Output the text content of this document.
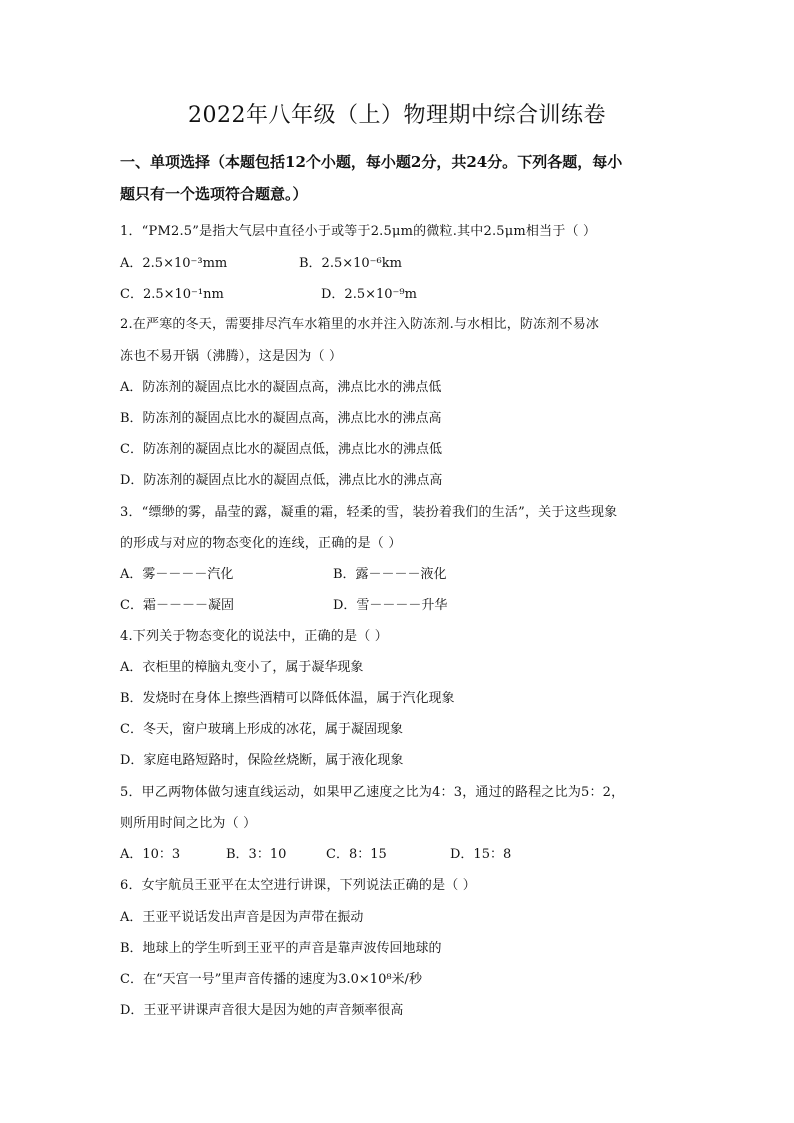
2022年八年级（上）物理期中综合训练卷
一、单项选择（本题包括12个小题，每小题2分，共24分。下列各题，每小
题只有一个选项符合题意。）
1．“PM2.5”是指大气层中直径小于或等于2.5μm的微粒.其中2.5μm相当于（ ）
A．2.5×10⁻³mm	B．2.5×10⁻⁶km
C．2.5×10⁻¹nm	D．2.5×10⁻⁹m
2.在严寒的冬天，需要排尽汽车水箱里的水并注入防冻剂.与水相比，防冻剂不易冰
冻也不易开锅（沸腾），这是因为（ ）
A．防冻剂的凝固点比水的凝固点高，沸点比水的沸点低
B．防冻剂的凝固点比水的凝固点高，沸点比水的沸点高
C．防冻剂的凝固点比水的凝固点低，沸点比水的沸点低
D．防冻剂的凝固点比水的凝固点低，沸点比水的沸点高
3．“缥缈的雾，晶莹的露，凝重的霜，轻柔的雪，装扮着我们的生活”，关于这些现象
的形成与对应的物态变化的连线，正确的是（ ）
A．雾－－－－汽化	B．露－－－－液化
C．霜－－－－凝固	D．雪－－－－升华
4.下列关于物态变化的说法中，正确的是（ ）
A．衣柜里的樟脑丸变小了，属于凝华现象
B．发烧时在身体上擦些酒精可以降低体温，属于汽化现象
C．冬天，窗户玻璃上形成的冰花，属于凝固现象
D．家庭电路短路时，保险丝烧断，属于液化现象
5．甲乙两物体做匀速直线运动，如果甲乙速度之比为4：3，通过的路程之比为5：2，
则所用时间之比为（ ）
A．10：3	B．3：10	C．8：15	D．15：8
6．女宇航员王亚平在太空进行讲课，下列说法正确的是（ ）
A．王亚平说话发出声音是因为声带在振动
B．地球上的学生听到王亚平的声音是靠声波传回地球的
C．在“天宫一号”里声音传播的速度为3.0×10⁸米/秒
D．王亚平讲课声音很大是因为她的声音频率很高
